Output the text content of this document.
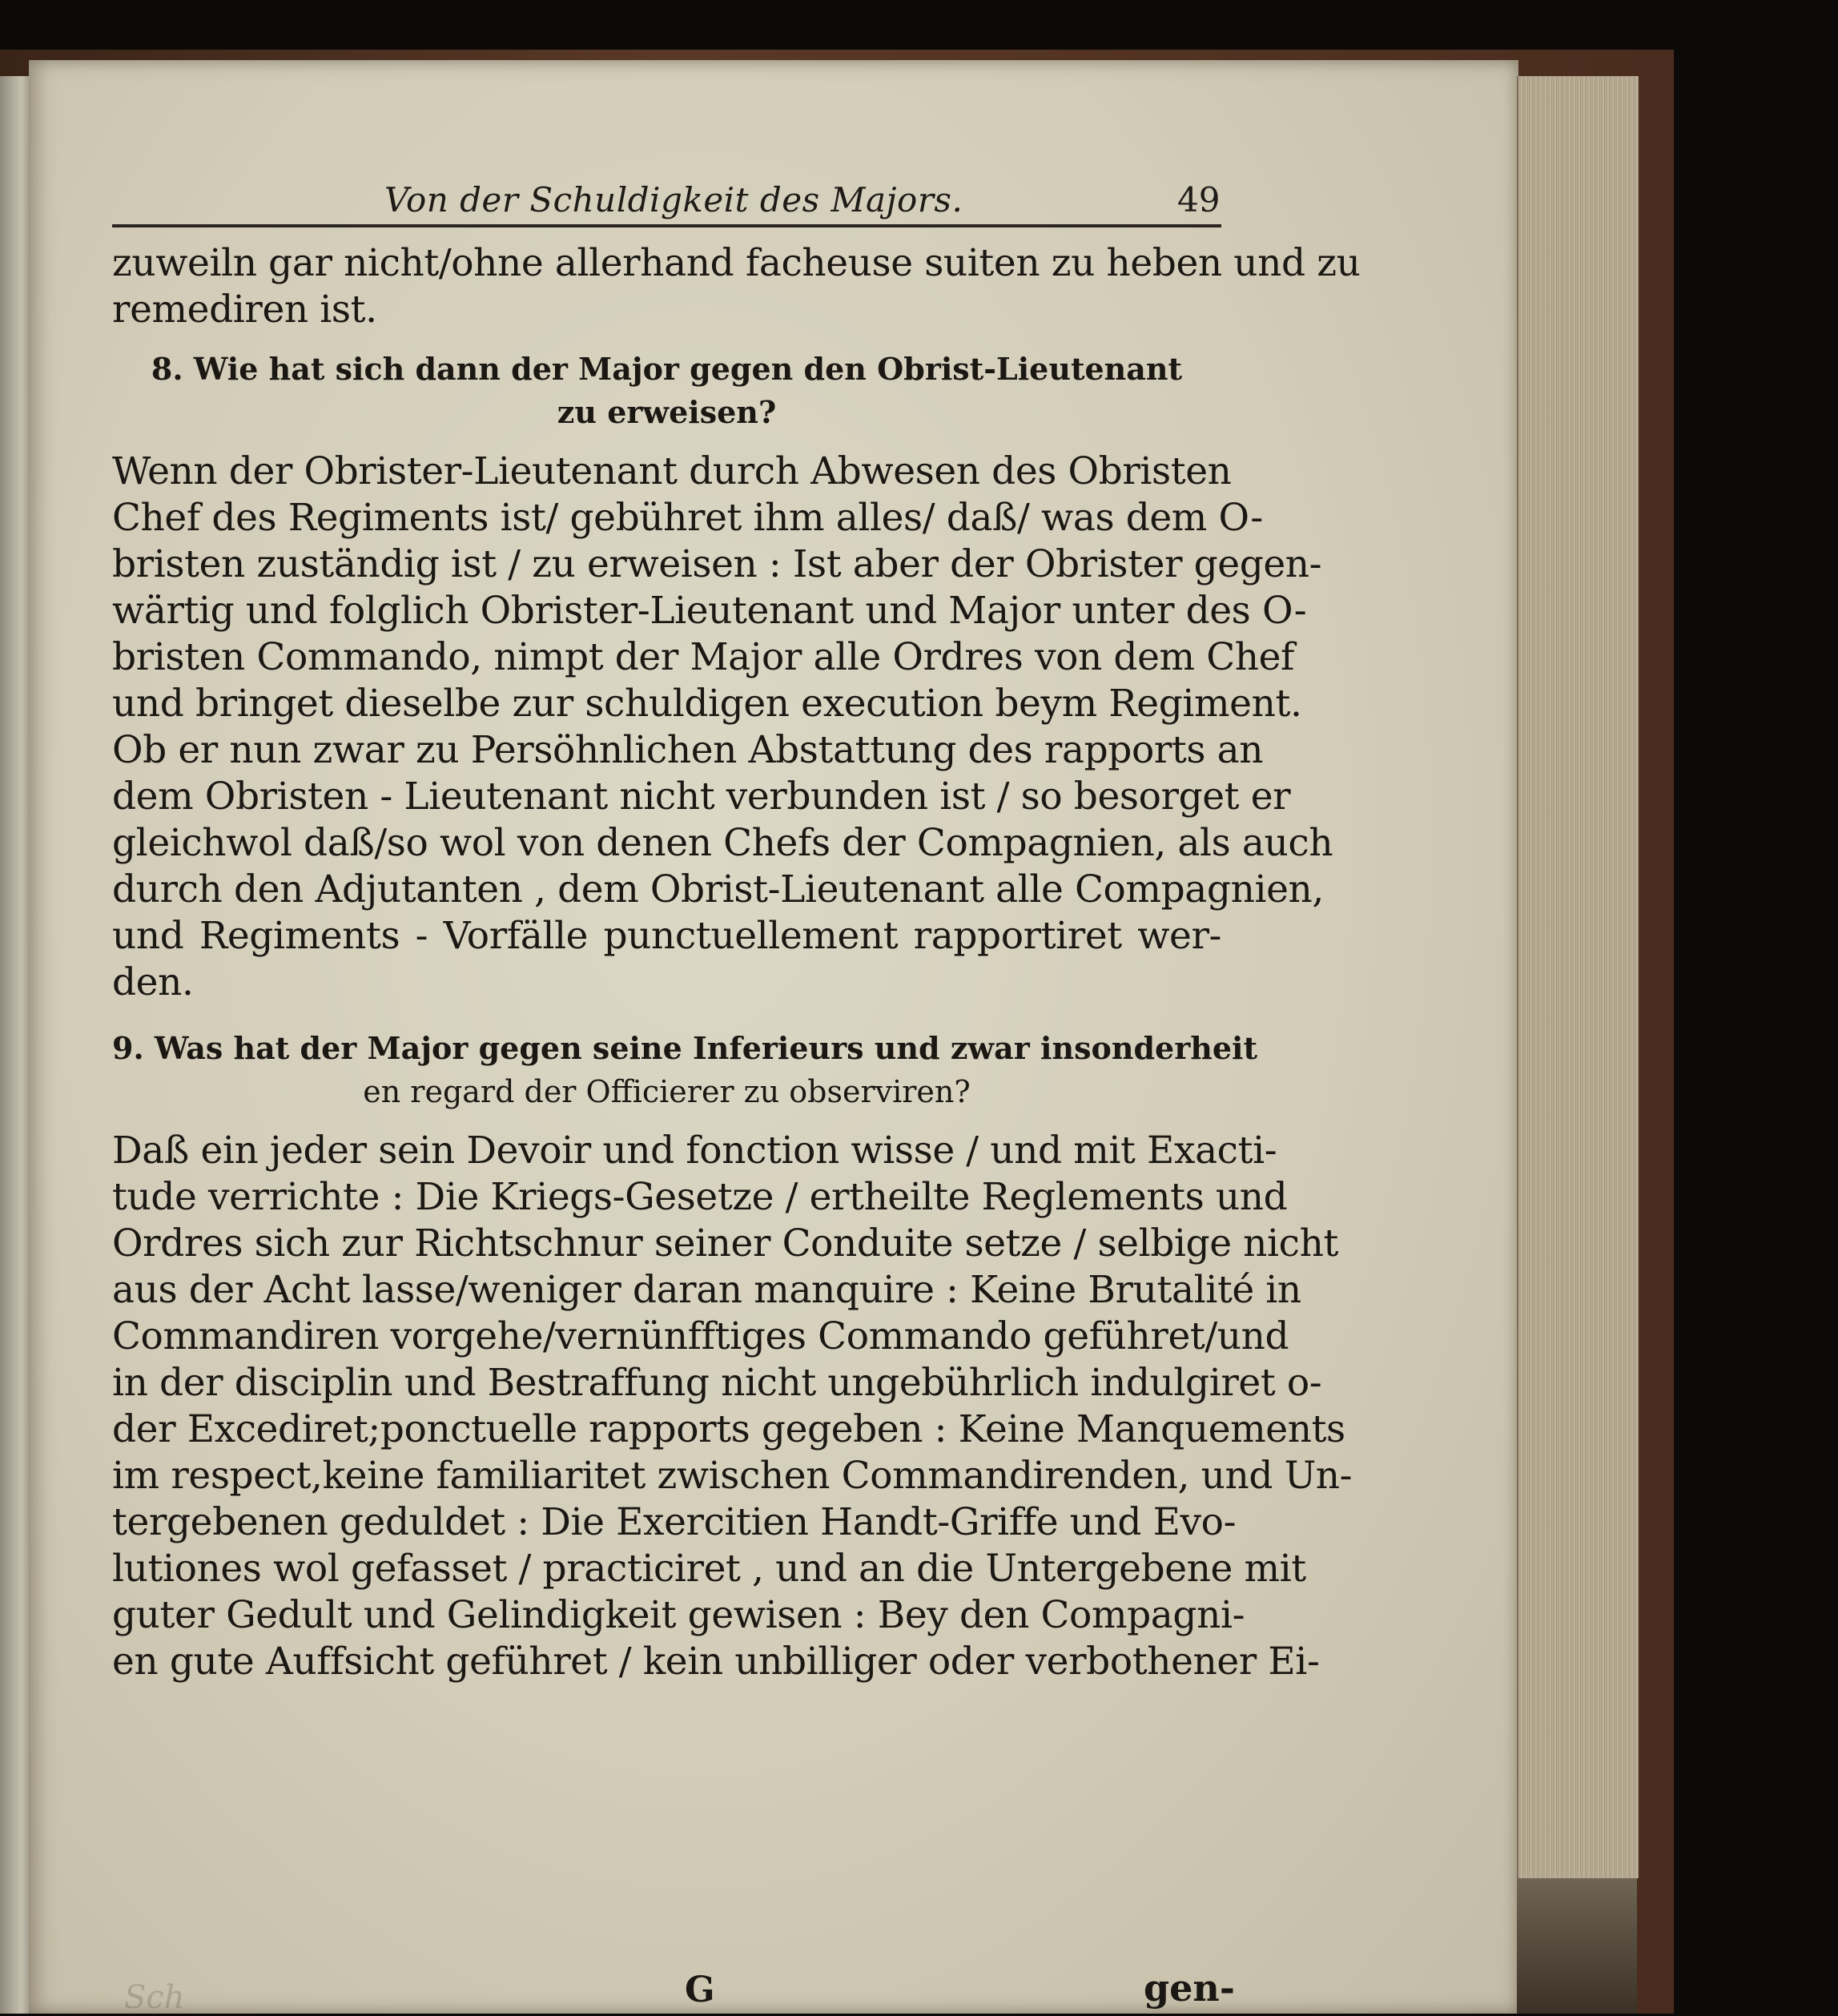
Von der Schuldigkeit des Majors.	49
zuweiln gar nicht/ohne allerhand facheuse suiten zu heben und zu
remediren ist.
8. Wie hat sich dann der Major gegen den Obrist-Lieutenant
zu erweisen?
Wenn der Obrister-Lieutenant durch Abwesen des Obristen
Chef des Regiments ist/ gebühret ihm alles/ daß/ was dem O-
bristen zuständig ist / zu erweisen : Ist aber der Obrister gegen-
wärtig und folglich Obrister-Lieutenant und Major unter des O-
bristen Commando, nimpt der Major alle Ordres von dem Chef
und bringet dieselbe zur schuldigen execution beym Regiment.
Ob er nun zwar zu Persöhnlichen Abstattung des rapports an
dem Obristen - Lieutenant nicht verbunden ist / so besorget er
gleichwol daß/so wol von denen Chefs der Compagnien, als auch
durch den Adjutanten , dem Obrist-Lieutenant alle Compagnien,
und Regiments - Vorfälle punctuellement rapportiret wer-
den.
9. Was hat der Major gegen seine Inferieurs und zwar insonderheit
en regard der Officierer zu observiren?
Daß ein jeder sein Devoir und fonction wisse / und mit Exacti-
tude verrichte : Die Kriegs-Gesetze / ertheilte Reglements und
Ordres sich zur Richtschnur seiner Conduite setze / selbige nicht
aus der Acht lasse/weniger daran manquire : Keine Brutalité in
Commandiren vorgehe/vernünfftiges Commando geführet/und
in der disciplin und Bestraffung nicht ungebührlich indulgiret o-
der Excediret;ponctuelle rapports gegeben : Keine Manquements
im respect,keine familiaritet zwischen Commandirenden, und Un-
tergebenen geduldet : Die Exercitien Handt-Griffe und Evo-
lutiones wol gefasset / practiciret , und an die Untergebene mit
guter Gedult und Gelindigkeit gewisen : Bey den Compagni-
en gute Auffsicht geführet / kein unbilliger oder verbothener Ei-
G	gen-
Sch
